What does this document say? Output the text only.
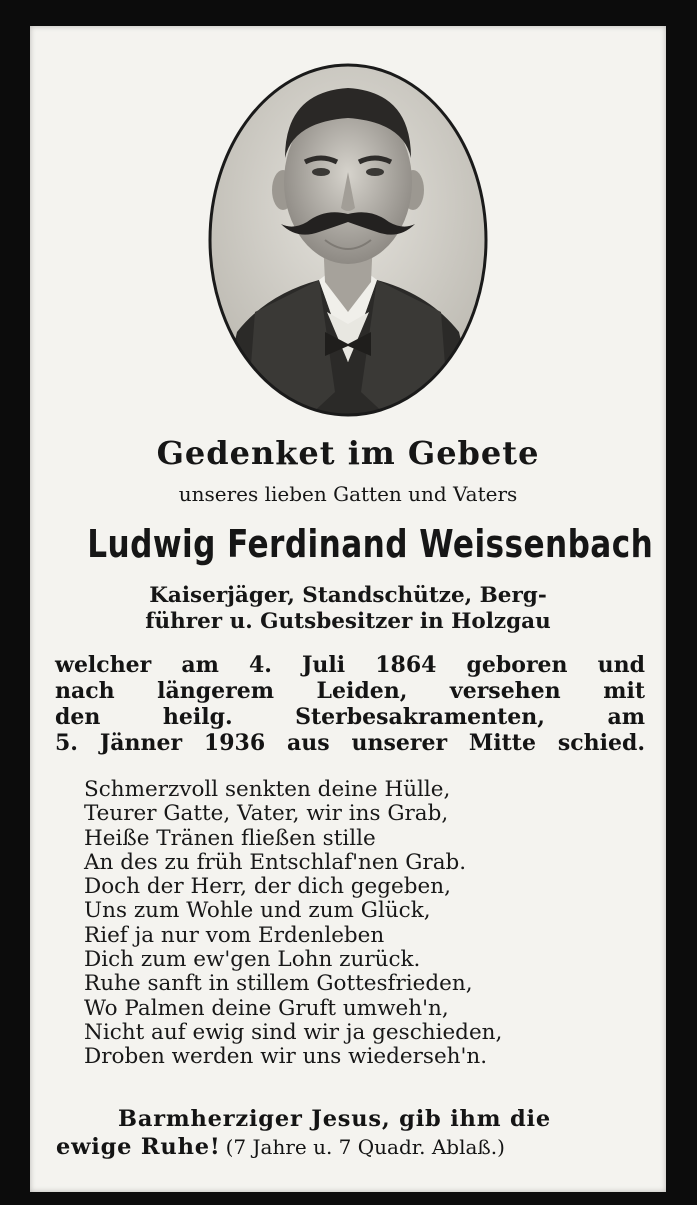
Gedenket im Gebete
unseres lieben Gatten und Vaters
Ludwig Ferdinand Weissenbach
Kaiserjäger, Standschütze, Berg-
führer u. Gutsbesitzer in Holzgau
welcher am 4. Juli 1864 geboren und
nach längerem Leiden, versehen mit
den heilg. Sterbesakramenten, am
5. Jänner 1936 aus unserer Mitte schied.
Schmerzvoll senkten deine Hülle,
Teurer Gatte, Vater, wir ins Grab,
Heiße Tränen fließen stille
An des zu früh Entschlaf'nen Grab.
Doch der Herr, der dich gegeben,
Uns zum Wohle und zum Glück,
Rief ja nur vom Erdenleben
Dich zum ew'gen Lohn zurück.
Ruhe sanft in stillem Gottesfrieden,
Wo Palmen deine Gruft umweh'n,
Nicht auf ewig sind wir ja geschieden,
Droben werden wir uns wiederseh'n.
Barmherziger Jesus, gib ihm die
ewige Ruhe! (7 Jahre u. 7 Quadr. Ablaß.)
